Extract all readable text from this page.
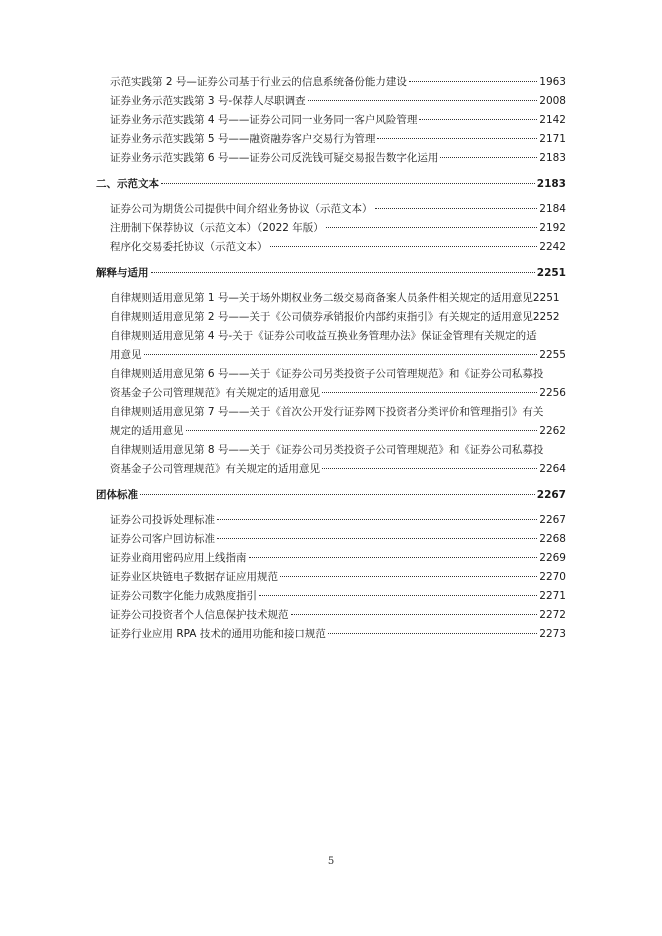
示范实践第 2 号—证券公司基于行业云的信息系统备份能力建设	1963
证券业务示范实践第 3 号-保荐人尽职调查	2008
证券业务示范实践第 4 号——证券公司同一业务同一客户风险管理	2142
证券业务示范实践第 5 号——融资融券客户交易行为管理	2171
证券业务示范实践第 6 号——证券公司反洗钱可疑交易报告数字化运用	2183
二、示范文本	2183
证券公司为期货公司提供中间介绍业务协议（示范文本）	2184
注册制下保荐协议（示范文本）（2022 年版）	2192
程序化交易委托协议（示范文本）	2242
解释与适用	2251
自律规则适用意见第 1 号—关于场外期权业务二级交易商备案人员条件相关规定的适用意见 2251
自律规则适用意见第 2 号——关于《公司债券承销报价内部约束指引》有关规定的适用意见 2252
自律规则适用意见第 4 号-关于《证券公司收益互换业务管理办法》保证金管理有关规定的适
用意见	2255
自律规则适用意见第 6 号——关于《证券公司另类投资子公司管理规范》和《证券公司私募投
资基金子公司管理规范》有关规定的适用意见	2256
自律规则适用意见第 7 号——关于《首次公开发行证券网下投资者分类评价和管理指引》有关
规定的适用意见	2262
自律规则适用意见第 8 号——关于《证券公司另类投资子公司管理规范》和《证券公司私募投
资基金子公司管理规范》有关规定的适用意见	2264
团体标准	2267
证券公司投诉处理标准	2267
证券公司客户回访标准	2268
证券业商用密码应用上线指南	2269
证券业区块链电子数据存证应用规范	2270
证券公司数字化能力成熟度指引	2271
证券公司投资者个人信息保护技术规范	2272
证券行业应用 RPA 技术的通用功能和接口规范	2273
5
